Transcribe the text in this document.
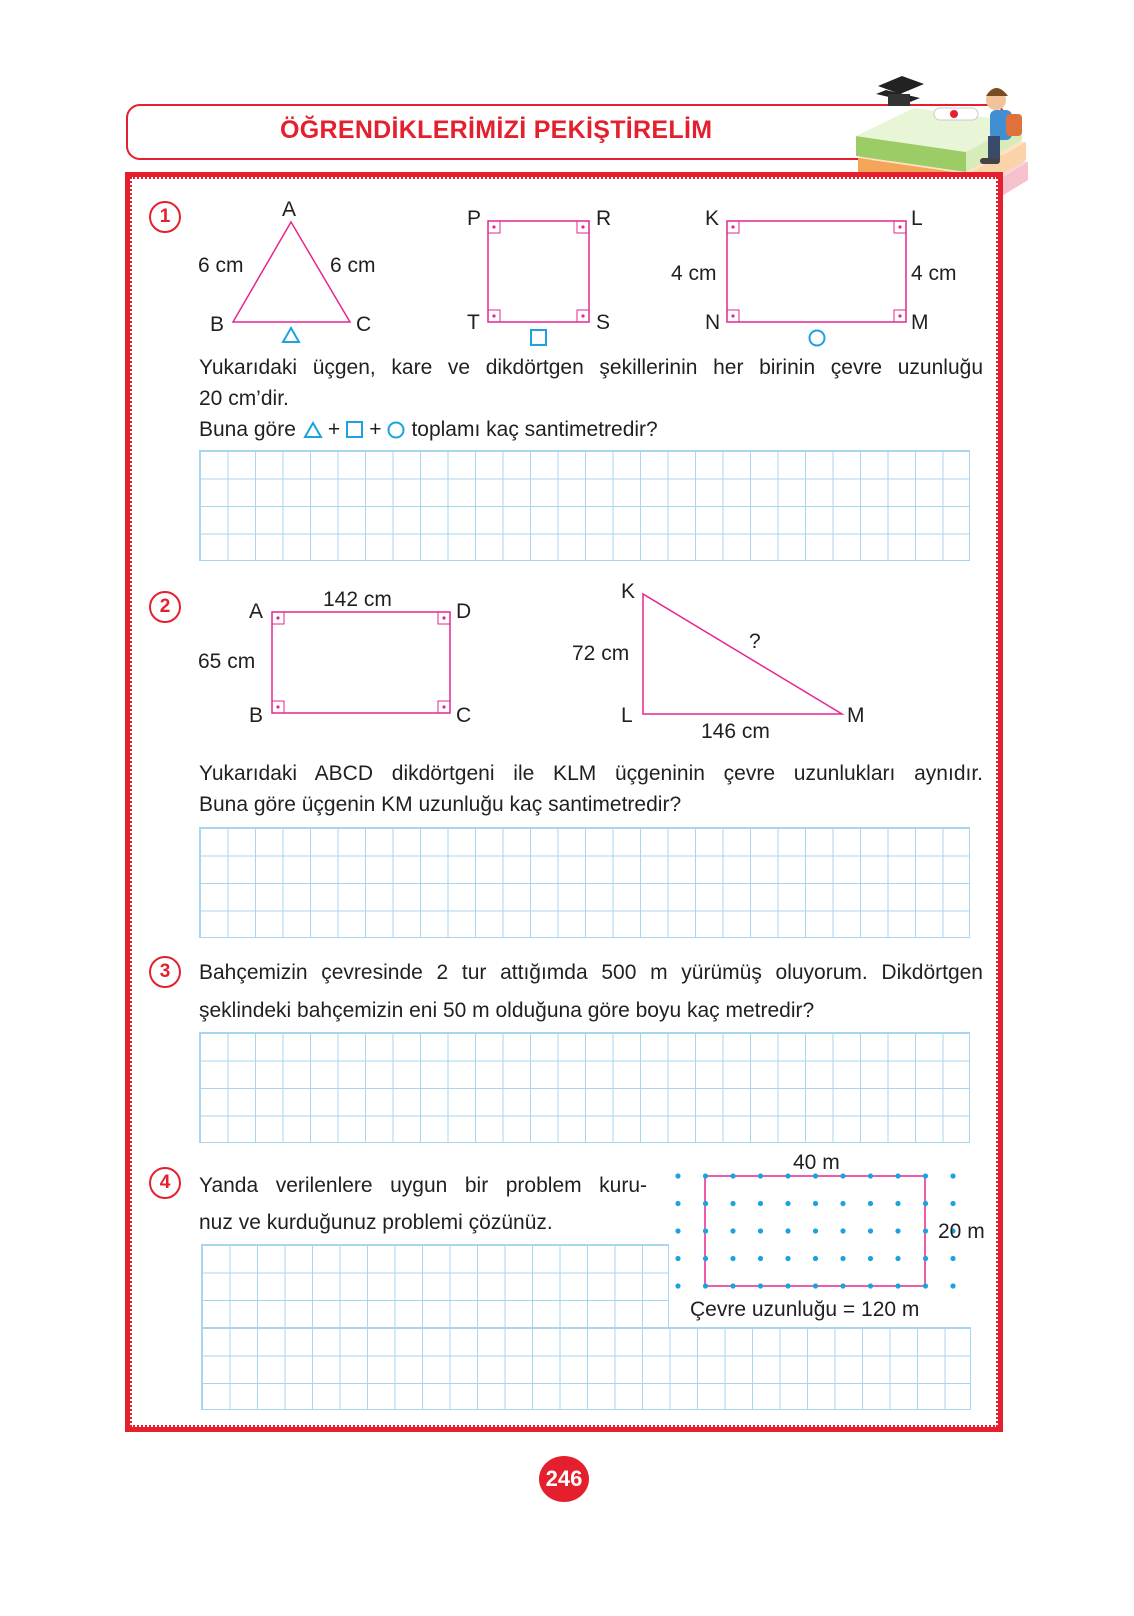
ÖĞRENDİKLERİMİZİ PEKİŞTİRELİM
1	A
B	C
6 cm	6 cm
P	R
T	S
K	L
N	M
4 cm	4 cm
Yukarıdaki üçgen, kare ve dikdörtgen şekillerinin her birinin çevre uzunluğu
20 cm’dir.
Buna göre + + toplamı kaç santimetredir?
2	A	D
B	C
142 cm
65 cm
K
L	M
72 cm
146 cm
?
Yukarıdaki ABCD dikdörtgeni ile KLM üçgeninin çevre uzunlukları aynıdır.
Buna göre üçgenin KM uzunluğu kaç santimetredir?
3	Bahçemizin çevresinde 2 tur attığımda 500 m yürümüş oluyorum. Dikdörtgen
şeklindeki bahçemizin eni 50 m olduğuna göre boyu kaç metredir?
4	Yanda verilenlere uygun bir problem kuru-
nuz ve kurduğunuz problemi çözünüz.
40 m
20 m
Çevre uzunluğu = 120 m
246
